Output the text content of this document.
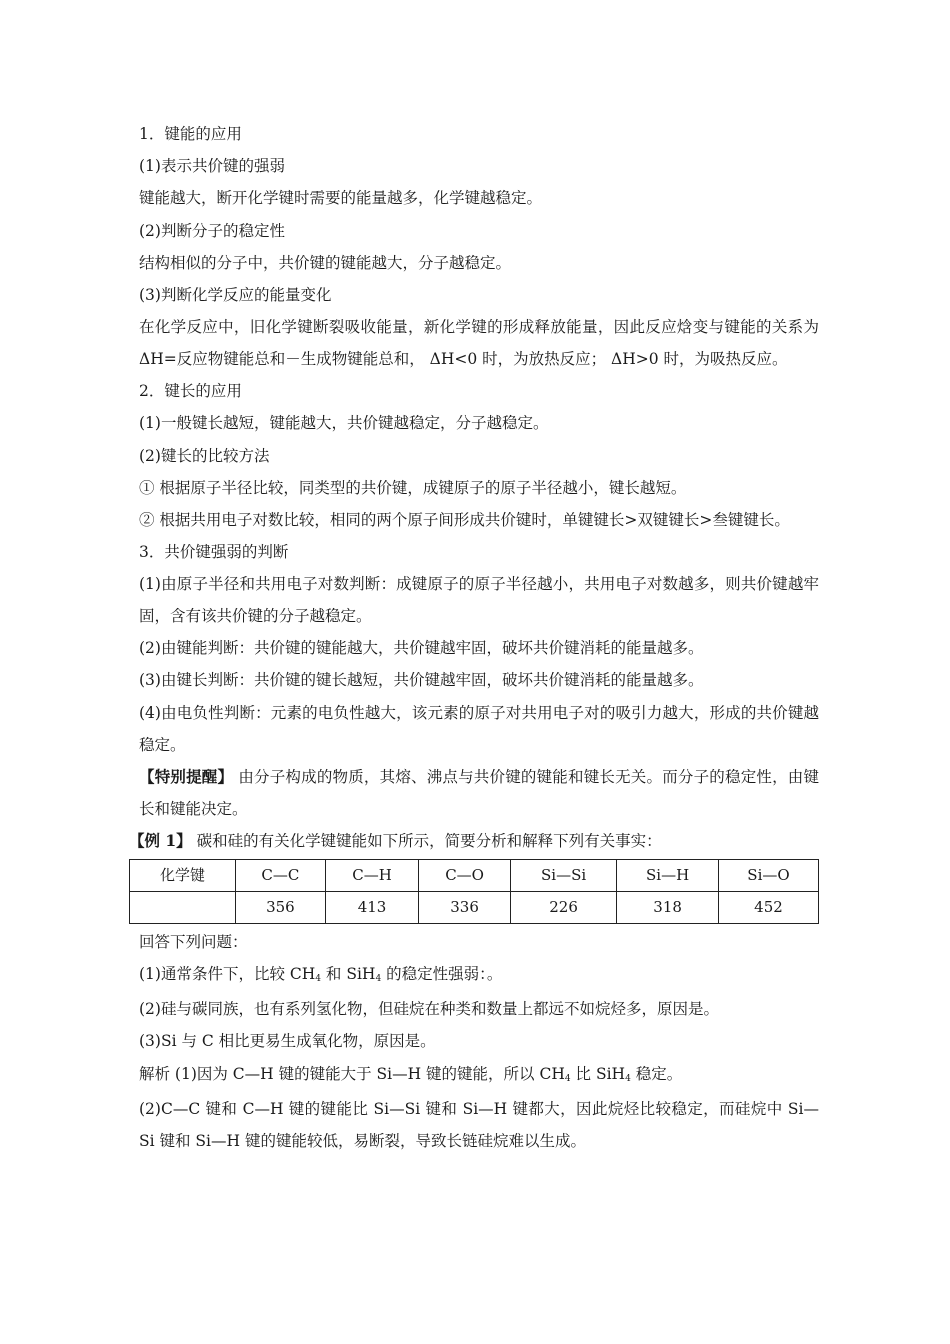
1．键能的应用

(1)表示共价键的强弱

键能越大，断开化学键时需要的能量越多，化学键越稳定。

(2)判断分子的稳定性

结构相似的分子中，共价键的键能越大，分子越稳定。

(3)判断化学反应的能量变化

在化学反应中，旧化学键断裂吸收能量，新化学键的形成释放能量，因此反应焓变与键能的关系为 ΔH=反应物键能总和－生成物键能总和， ΔH<0 时，为放热反应； ΔH>0 时，为吸热反应。

2．键长的应用

(1)一般键长越短，键能越大，共价键越稳定，分子越稳定。

(2)键长的比较方法

① 根据原子半径比较，同类型的共价键，成键原子的原子半径越小，键长越短。

② 根据共用电子对数比较，相同的两个原子间形成共价键时，单键键长>双键键长>叁键键长。

3．共价键强弱的判断

(1)由原子半径和共用电子对数判断：成键原子的原子半径越小，共用电子对数越多，则共价键越牢固，含有该共价键的分子越稳定。

(2)由键能判断：共价键的键能越大，共价键越牢固，破坏共价键消耗的能量越多。

(3)由键长判断：共价键的键长越短，共价键越牢固，破坏共价键消耗的能量越多。

(4)由电负性判断：元素的电负性越大，该元素的原子对共用电子对的吸引力越大，形成的共价键越稳定。

【特别提醒】 由分子构成的物质，其熔、沸点与共价键的键能和键长无关。而分子的稳定性，由键长和键能决定。

【例 1】 碳和硅的有关化学键键能如下所示，简要分析和解释下列有关事实：

化学键	C—C	C—H	C—O	Si—Si	Si—H	Si—O
	356	413	336	226	318	452

回答下列问题：

(1)通常条件下，比较 $CH_4$ 和 SiH$_4$ 的稳定性强弱：。

(2)硅与碳同族，也有系列氢化物，但硅烷在种类和数量上都远不如烷烃多，原因是。

(3)Si 与 C 相比更易生成氧化物，原因是。

解析 (1)因为 C—H 键的键能大于 Si—H 键的键能，所以 $CH_4$ 比 SiH$_4$ 稳定。

(2)C—C 键和 C—H 键的键能比 Si—Si 键和 Si—H 键都大，因此烷烃比较稳定，而硅烷中 Si—Si 键和 Si—H 键的键能较低，易断裂，导致长链硅烷难以生成。
